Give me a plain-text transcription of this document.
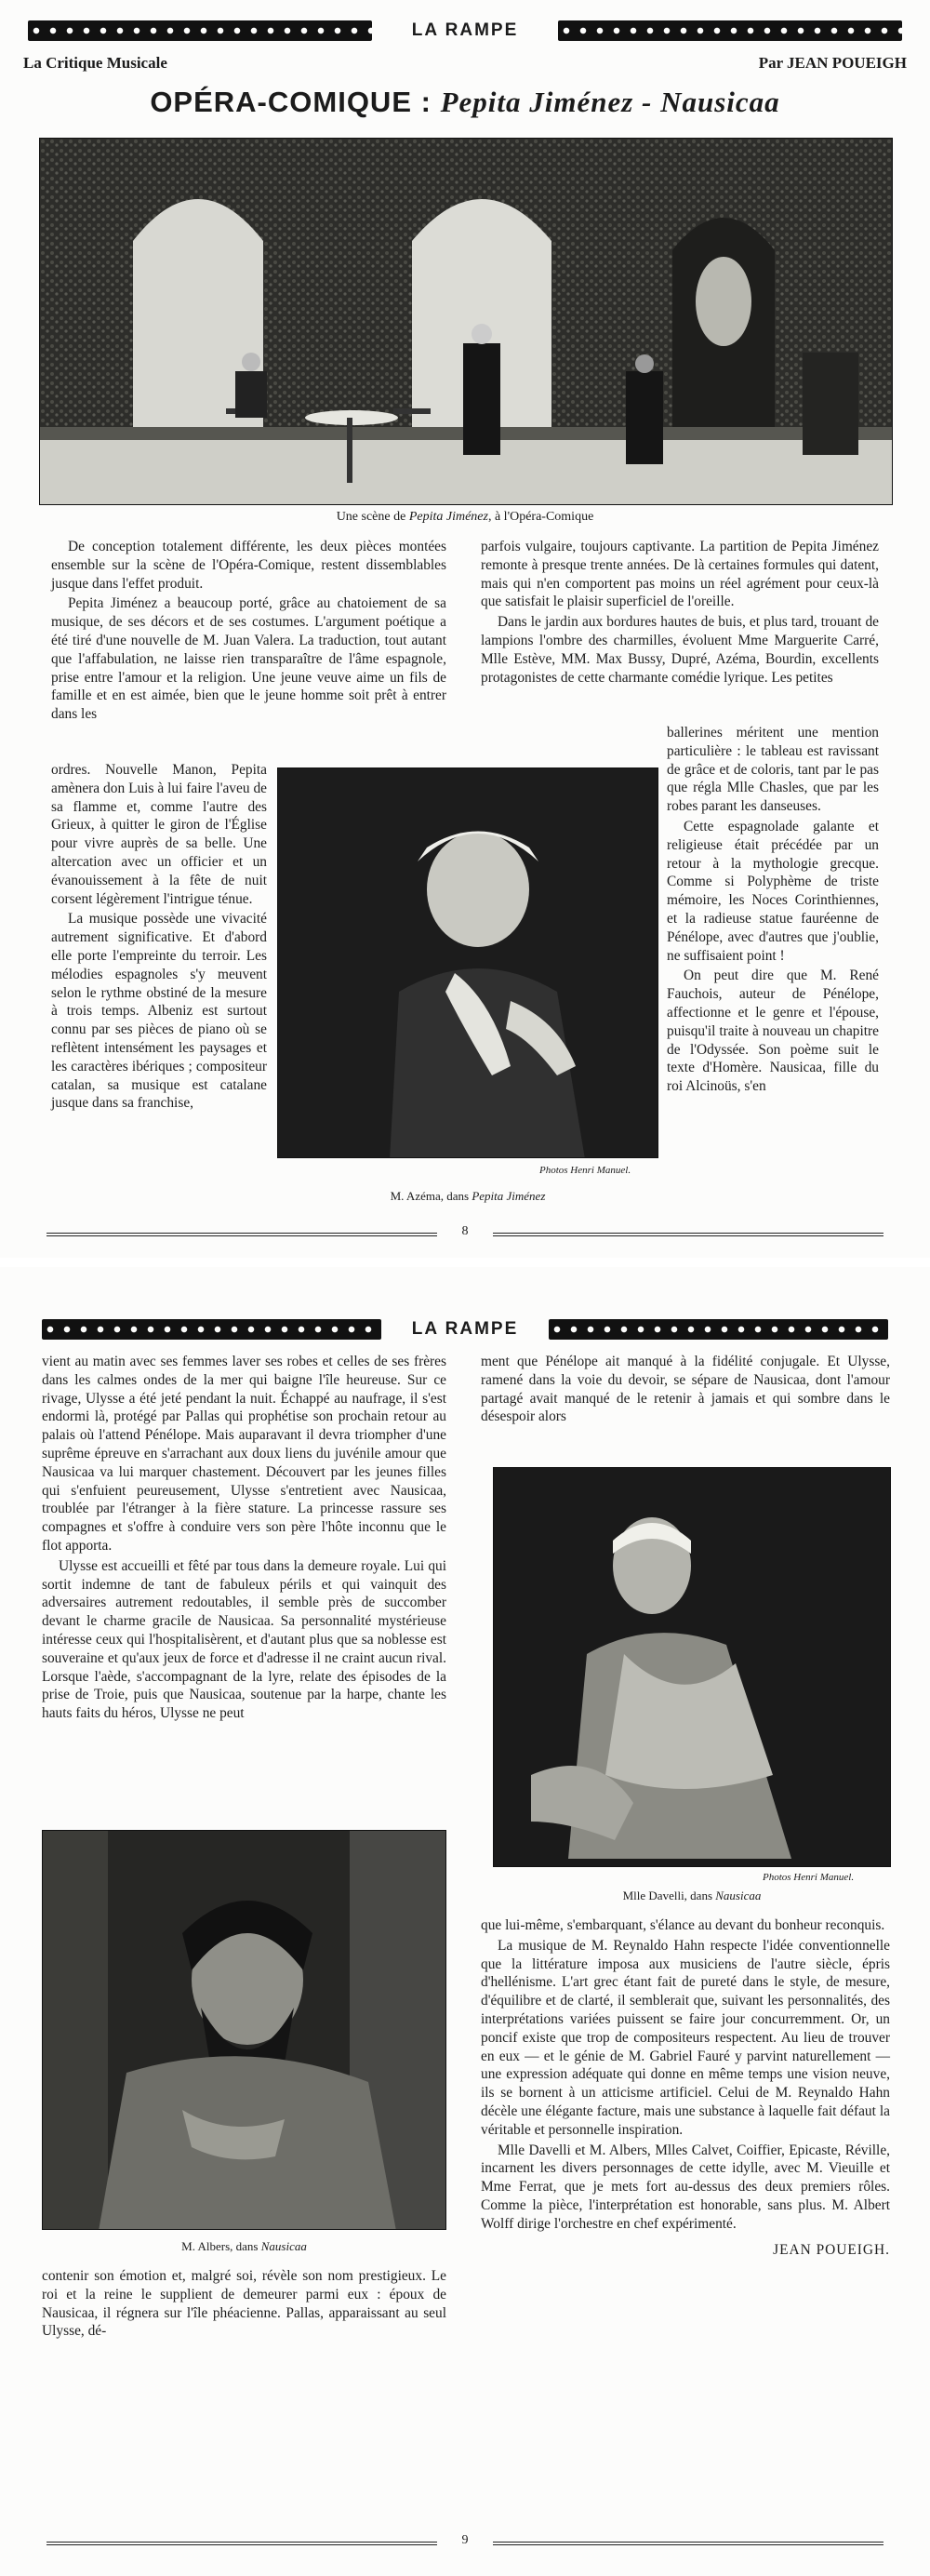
LA RAMPE
La Critique Musicale	Par JEAN POUEIGH
OPÉRA-COMIQUE : Pepita Jiménez - Nausicaa
Une scène de Pepita Jiménez, à l'Opéra-Comique

De conception totalement différente, les deux pièces montées ensemble sur la scène de l'Opéra-Comique, restent dissemblables jusque dans l'effet produit.

Pepita Jiménez a beaucoup porté, grâce au chatoiement de sa musique, de ses décors et de ses costumes. L'argument poétique a été tiré d'une nouvelle de M. Juan Valera. La traduction, tout autant que l'affabulation, ne laisse rien transparaître de l'âme espagnole, prise entre l'amour et la religion. Une jeune veuve aime un fils de famille et en est aimée, bien que le jeune homme soit prêt à entrer dans les

ordres. Nouvelle Manon, Pepita amènera don Luis à lui faire l'aveu de sa flamme et, comme l'autre des Grieux, à quitter le giron de l'Église pour vivre auprès de sa belle. Une altercation avec un officier et un évanouissement à la fête de nuit corsent légèrement l'intrigue ténue.

La musique possède une vivacité autrement significative. Et d'abord elle porte l'empreinte du terroir. Les mélodies espagnoles s'y meuvent selon le rythme obstiné de la mesure à trois temps. Albeniz est surtout connu par ses pièces de piano où se reflètent intensément les paysages et les caractères ibériques ; compositeur catalan, sa musique est catalane jusque dans sa franchise,

parfois vulgaire, toujours captivante. La partition de Pepita Jiménez remonte à presque trente années. De là certaines formules qui datent, mais qui n'en comportent pas moins un réel agrément pour ceux-là que satisfait le plaisir superficiel de l'oreille.

Dans le jardin aux bordures hautes de buis, et plus tard, trouant de lampions l'ombre des charmilles, évoluent Mme Marguerite Carré, Mlle Estève, MM. Max Bussy, Dupré, Azéma, Bourdin, excellents protagonistes de cette charmante comédie lyrique. Les petites

ballerines méritent une mention particulière : le tableau est ravissant de grâce et de coloris, tant par le pas que régla Mlle Chasles, que par les robes parant les danseuses.

Cette espagnolade galante et religieuse était précédée par un retour à la mythologie grecque. Comme si Polyphème de triste mémoire, les Noces Corinthiennes, et la radieuse statue fauréenne de Pénélope, avec d'autres que j'oublie, ne suffisaient point !

On peut dire que M. René Fauchois, auteur de Pénélope, affectionne et le genre et l'épouse, puisqu'il traite à nouveau un chapitre de l'Odyssée. Son poème suit le texte d'Homère. Nausicaa, fille du roi Alcinoüs, s'en

Photos Henri Manuel.
M. Azéma, dans Pepita Jiménez
8
LA RAMPE

vient au matin avec ses femmes laver ses robes et celles de ses frères dans les calmes ondes de la mer qui baigne l'île heureuse. Sur ce rivage, Ulysse a été jeté pendant la nuit. Échappé au naufrage, il s'est endormi là, protégé par Pallas qui prophétise son prochain retour au palais où l'attend Pénélope. Mais auparavant il devra triompher d'une suprême épreuve en s'arrachant aux doux liens du juvénile amour que Nausicaa va lui marquer chastement. Découvert par les jeunes filles qui s'enfuient peureusement, Ulysse s'entretient avec Nausicaa, troublée par l'étranger à la fière stature. La princesse rassure ses compagnes et s'offre à conduire vers son père l'hôte inconnu que le flot apporta.

Ulysse est accueilli et fêté par tous dans la demeure royale. Lui qui sortit indemne de tant de fabuleux périls et qui vainquit des adversaires autrement redoutables, il semble près de succomber devant le charme gracile de Nausicaa. Sa personnalité mystérieuse intéresse ceux qui l'hospitalisèrent, et d'autant plus que sa noblesse est souveraine et qu'aux jeux de force et d'adresse il ne craint aucun rival. Lorsque l'aède, s'accompagnant de la lyre, relate des épisodes de la prise de Troie, puis que Nausicaa, soutenue par la harpe, chante les hauts faits du héros, Ulysse ne peut

M. Albers, dans Nausicaa

contenir son émotion et, malgré soi, révèle son nom prestigieux. Le roi et la reine le supplient de demeurer parmi eux : époux de Nausicaa, il régnera sur l'île phéacienne. Pallas, apparaissant au seul Ulysse, dé-

ment que Pénélope ait manqué à la fidélité conjugale. Et Ulysse, ramené dans la voie du devoir, se sépare de Nausicaa, dont l'amour partagé avait manqué de le retenir à jamais et qui sombre dans le désespoir alors

Photos Henri Manuel.
Mlle Davelli, dans Nausicaa

que lui-même, s'embarquant, s'élance au devant du bonheur reconquis.

La musique de M. Reynaldo Hahn respecte l'idée conventionnelle que la littérature imposa aux musiciens de l'autre siècle, épris d'hellénisme. L'art grec étant fait de pureté dans le style, de mesure, d'équilibre et de clarté, il semblerait que, suivant les personnalités, des interprétations variées puissent se faire jour concurremment. Or, un poncif existe que trop de compositeurs respectent. Au lieu de trouver en eux — et le génie de M. Gabriel Fauré y parvint naturellement — une expression adéquate qui donne en même temps une vision neuve, ils se bornent à un atticisme artificiel. Celui de M. Reynaldo Hahn décèle une élégante facture, mais une substance à laquelle fait défaut la véritable et personnelle inspiration.

Mlle Davelli et M. Albers, Mlles Calvet, Coiffier, Epicaste, Réville, incarnent les divers personnages de cette idylle, avec M. Vieuille et Mme Ferrat, que je mets fort au-dessus des deux premiers rôles. Comme la pièce, l'interprétation est honorable, sans plus. M. Albert Wolff dirige l'orchestre en chef expérimenté.

JEAN POUEIGH.
9
